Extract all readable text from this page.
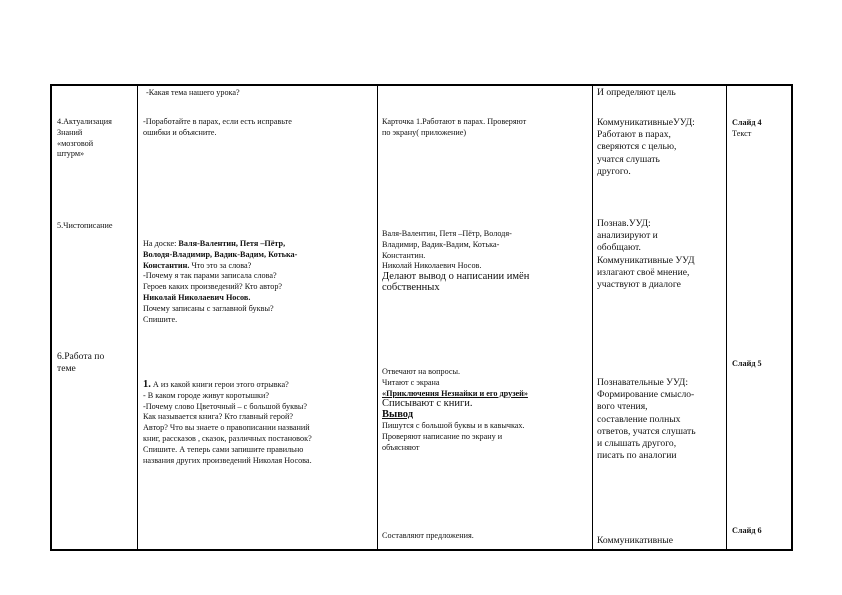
4.Актуализация

Знаний

«мозговой

штурм»

-Какая тема нашего урока?

-Поработайте в парах, если есть исправьте

ошибки и объясните.

Карточка 1.Работают в парах. Проверяют

по экрану( приложение)

И определяют цель

КоммуникативныеУУД:

Работают в парах,

сверяются с целью,

учатся слушать

другого.

Слайд 4

Текст

5.Чистописание

На доске: Валя-Валентин, Петя –Пётр,

Володя-Владимир, Вадик-Вадим, Котька-

Константин. Что это за слова?

-Почему я так парами записала слова?

Героев каких произведений? Кто автор?

Николай Николаевич Носов.

Почему записаны с заглавной буквы?

Спишите.

Валя-Валентин, Петя –Пётр, Володя-

Владимир, Вадик-Вадим, Котька-

Константин.

Николай Николаевич Носов.

Делают вывод о написании имён

собственных

Познав.УУД:

анализируют и

обобщают.

Коммуникативные УУД

излагают своё мнение,

участвуют в диалоге

6.Работа по

теме

1. А из какой книги герои этого отрывка?

- В каком городе живут коротышки?

-Почему слово Цветочный – с большой буквы?

Как называется книга? Кто главный герой?

Автор? Что вы знаете о правописании названий

книг, рассказов , сказок, различных постановок?

Спишите. А теперь сами запишите правильно

названия других произведений Николая Носова.

Отвечают на вопросы.

Читают с экрана

«Приключения Незнайки и его друзей»

Списывают с книги.

Вывод

Пишутся с большой буквы и в кавычках.

Проверяют написание по экрану и

объясняют

Познавательные УУД:

Формирование смысло-

вого чтения,

составление полных

ответов, учатся слушать

и слышать другого,

писать по аналогии

Слайд 5

Составляют предложения.	Коммуникативные
Слайд 6
